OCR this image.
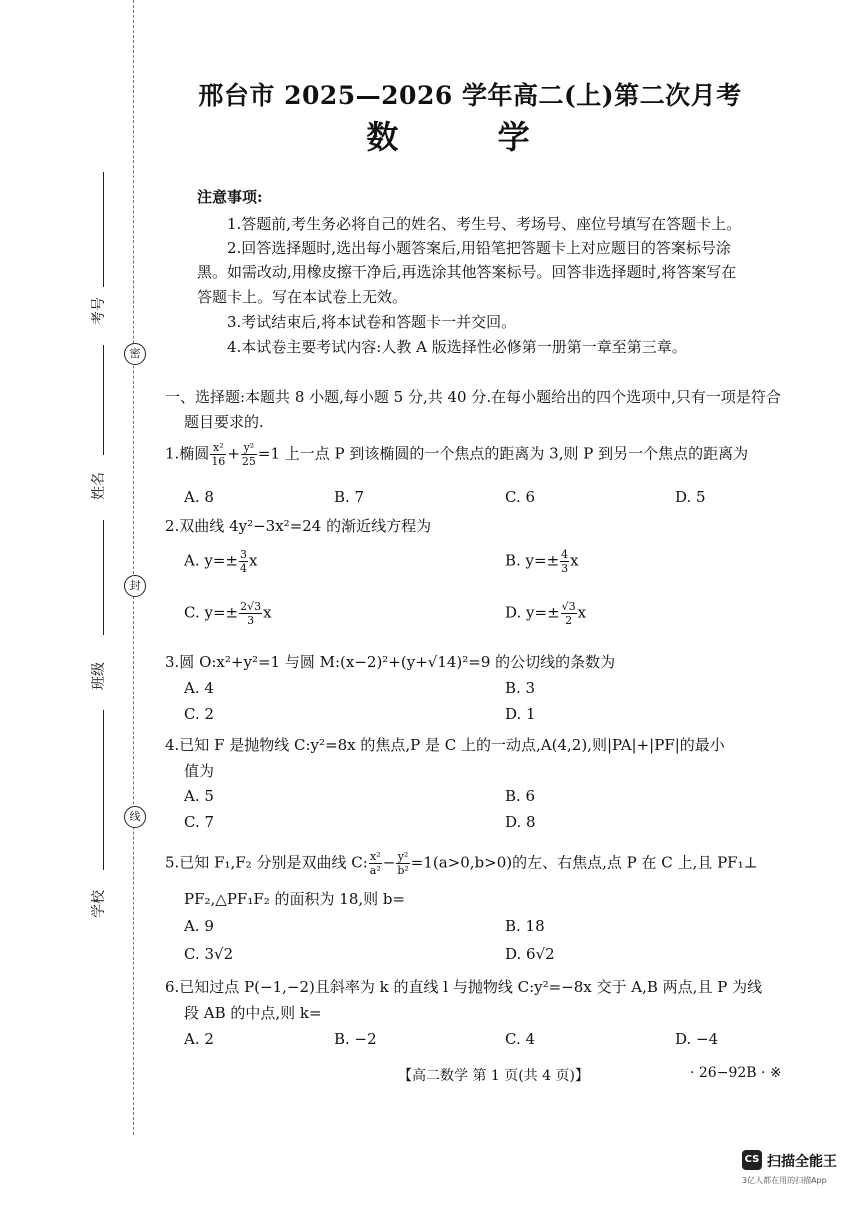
密
封
线
考号
姓名
班级
学校
邢台市 2025—2026 学年高二(上)第二次月考
数 学
注意事项:
1.答题前,考生务必将自己的姓名、考生号、考场号、座位号填写在答题卡上。
2.回答选择题时,选出每小题答案后,用铅笔把答题卡上对应题目的答案标号涂
黑。如需改动,用橡皮擦干净后,再选涂其他答案标号。回答非选择题时,将答案写在
答题卡上。写在本试卷上无效。
3.考试结束后,将本试卷和答题卡一并交回。
4.本试卷主要考试内容:人教 A 版选择性必修第一册第一章至第三章。
一、选择题:本题共 8 小题,每小题 5 分,共 40 分.在每小题给出的四个选项中,只有一项是符合
题目要求的.
1.椭圆 $\frac{\text{x²}}{16} + \frac{\text{y²}}{25} =1$ 上一点 P 到该椭圆的一个焦点的距离为 3,则 P 到另一个焦点的距离为
A. 8	B. 7	C. 6	D. 5
2.双曲线 4y²−3x²=24 的渐近线方程为
A. $y=\pm \frac{3}{4}$ x	B. $y=\pm \frac{4}{3}$ x
C. $y=\pm \frac{2√3}{3}$ x	D. $y=\pm \frac{√3}{2}$ x
3.圆 O:x²+y²=1 与圆 M:(x−2)²+(y+√14)²=9 的公切线的条数为
A. 4	B. 3
C. 2	D. 1
4.已知 F 是抛物线 C:y²=8x 的焦点,P 是 C 上的一动点,A(4,2),则|PA|+|PF|的最小
值为
A. 5	B. 6
C. 7	D. 8
5.已知 F₁,F₂ 分别是双曲线 C: $\frac{\text{x²}}{\text{a²}} - \frac{\text{y²}}{\text{b²}} =1(a>0,b>0)$的左、右焦点,点 P 在 C 上,且 PF₁⊥
PF₂,△PF₁F₂ 的面积为 18,则 b=
A. 9	B. 18
C. 3√2	D. 6√2
6.已知过点 P(−1,−2)且斜率为 k 的直线 l 与抛物线 C:y²=−8x 交于 A,B 两点,且 P 为线
段 AB 的中点,则 k=
A. 2	B. −2	C. 4	D. −4
【高二数学 第 1 页(共 4 页)】	· 26−92B · ※
CS 扫描全能王
3亿人都在用的扫描App
